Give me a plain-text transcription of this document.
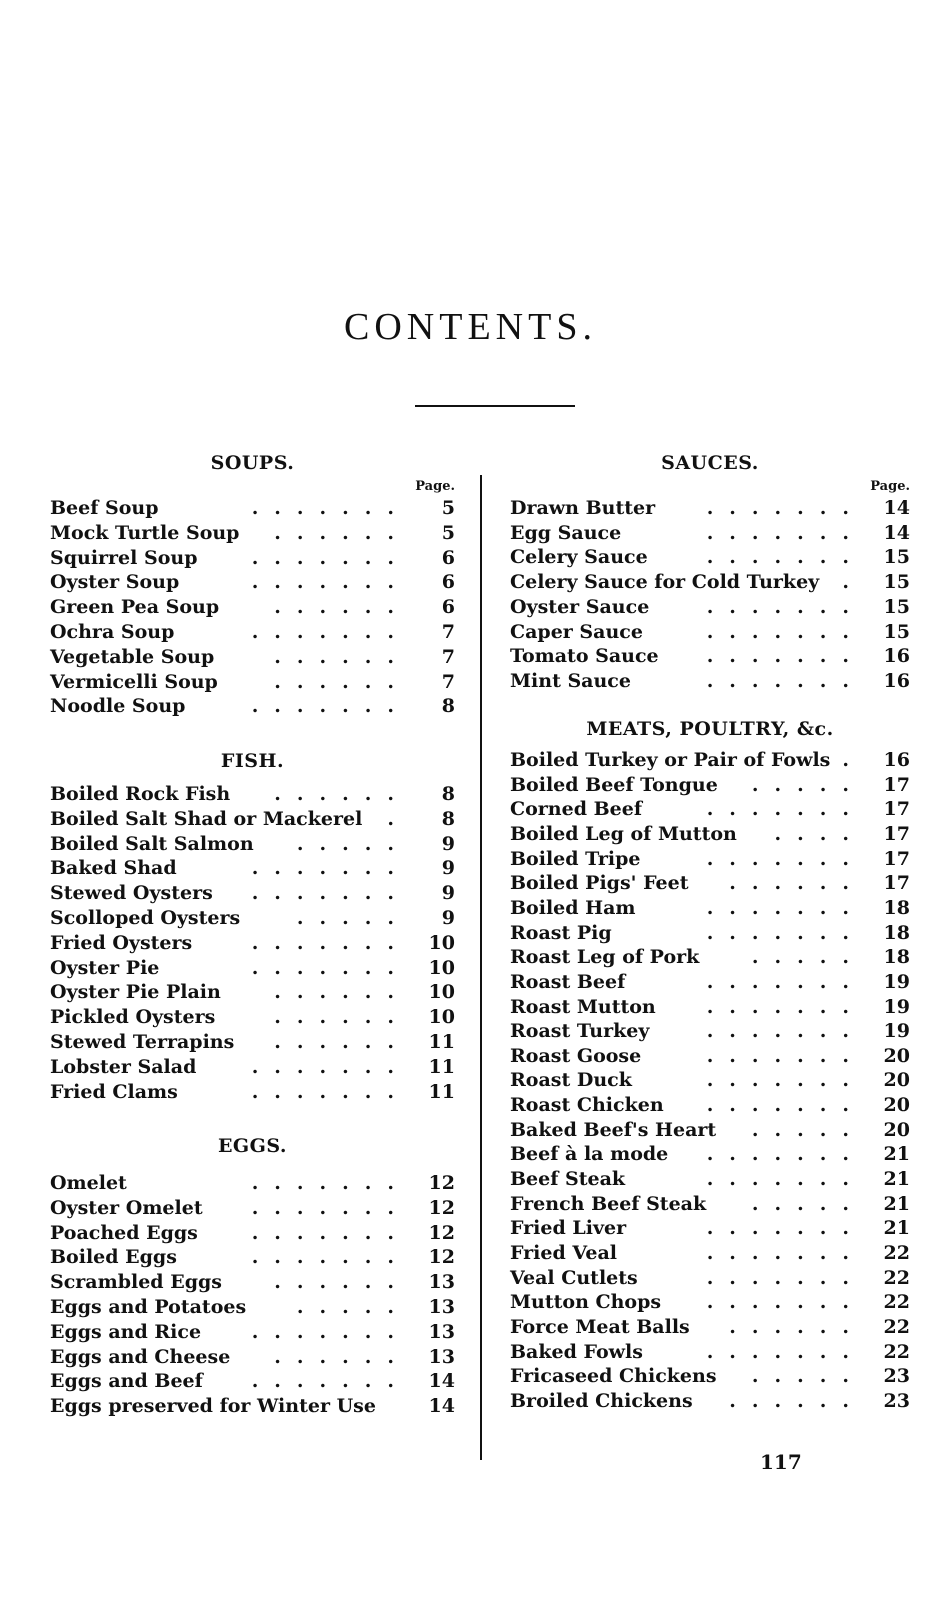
CONTENTS.
SOUPS.
Page.
Beef Soup	....... 5
Mock Turtle Soup ...... 5
Squirrel Soup	....... 6
Oyster Soup	....... 6
Green Pea Soup	...... 6
Ochra Soup	....... 7
Vegetable Soup	...... 7
Vermicelli Soup	...... 7
Noodle Soup	....... 8
FISH.
Boiled Rock Fish ...... 8
Boiled Salt Shad or Mackerel . 8
Boiled Salt Salmon ..... 9
Baked Shad	....... 9
Stewed Oysters ....... 9
Scolloped Oysters	..... 9
Fried Oysters	....... 10
Oyster Pie	....... 10
Oyster Pie Plain	...... 10
Pickled Oysters	...... 10
Stewed Terrapins ...... 11
Lobster Salad	....... 11
Fried Clams	....... 11
EGGS.
Omelet	....... 12
Oyster Omelet	....... 12
Poached Eggs	....... 12
Boiled Eggs	....... 12
Scrambled Eggs	...... 13
Eggs and Potatoes	..... 13
Eggs and Rice	....... 13
Eggs and Cheese ...... 13
Eggs and Beef	....... 14
Eggs preserved for Winter Use	14
SAUCES.
Page.
Drawn Butter	....... 14
Egg Sauce	....... 14
Celery Sauce	....... 15
Celery Sauce for Cold Turkey . 15
Oyster Sauce	....... 15
Caper Sauce	....... 15
Tomato Sauce	....... 16
Mint Sauce	....... 16
MEATS, POULTRY, &c.
Boiled Turkey or Pair of Fowls . 16
Boiled Beef Tongue ..... 17
Corned Beef	....... 17
Boiled Leg of Mutton .... 17
Boiled Tripe	....... 17
Boiled Pigs' Feet ...... 17
Boiled Ham	....... 18
Roast Pig	....... 18
Roast Leg of Pork	..... 18
Roast Beef	....... 19
Roast Mutton	....... 19
Roast Turkey	....... 19
Roast Goose	....... 20
Roast Duck	....... 20
Roast Chicken ....... 20
Baked Beef's Heart ..... 20
Beef à la mode ....... 21
Beef Steak	....... 21
French Beef Steak ..... 21
Fried Liver	....... 21
Fried Veal	....... 22
Veal Cutlets	....... 22
Mutton Chops ....... 22
Force Meat Balls ...... 22
Baked Fowls	....... 22
Fricaseed Chickens ..... 23
Broiled Chickens ...... 23
117
